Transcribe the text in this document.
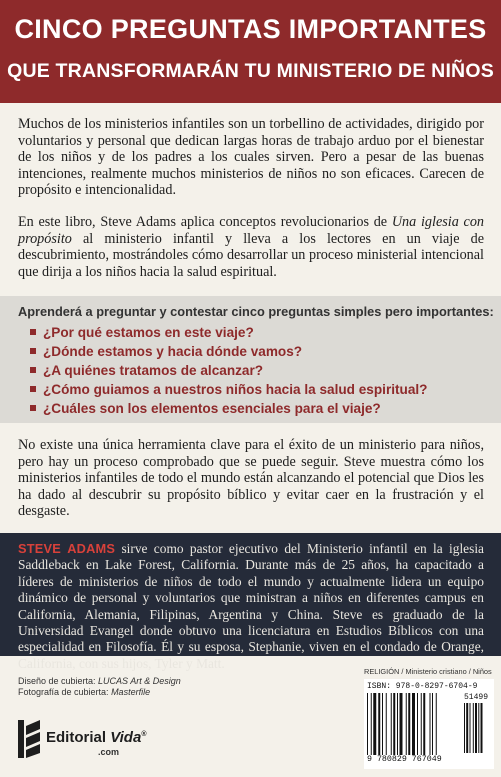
CINCO PREGUNTAS IMPORTANTES
QUE TRANSFORMARÁN TU MINISTERIO DE NIÑOS

Muchos de los ministerios infantiles son un torbellino de actividades, dirigido por voluntarios y personal que dedican largas horas de trabajo arduo por el bienestar de los niños y de los padres a los cuales sirven. Pero a pesar de las buenas intenciones, realmente muchos ministerios de niños no son eficaces. Carecen de propósito e intencionalidad.

En este libro, Steve Adams aplica conceptos revolucionarios de Una iglesia con propósito al ministerio infantil y lleva a los lectores en un viaje de descubrimiento, mostrándoles cómo desarrollar un proceso ministerial intencional que dirija a los niños hacia la salud espiritual.

Aprenderá a preguntar y contestar cinco preguntas simples pero importantes:
¿Por qué estamos en este viaje?
¿Dónde estamos y hacia dónde vamos?
¿A quiénes tratamos de alcanzar?
¿Cómo guiamos a nuestros niños hacia la salud espiritual?
¿Cuáles son los elementos esenciales para el viaje?

No existe una única herramienta clave para el éxito de un ministerio para niños, pero hay un proceso comprobado que se puede seguir. Steve muestra cómo los ministerios infantiles de todo el mundo están alcanzando el potencial que Dios les ha dado al descubrir su propósito bíblico y evitar caer en la frustración y el desgaste.

STEVE ADAMS sirve como pastor ejecutivo del Ministerio infantil en la iglesia Saddleback en Lake Forest, California. Durante más de 25 años, ha capacitado a líderes de ministerios de niños de todo el mundo y actualmente lidera un equipo dinámico de personal y voluntarios que ministran a niños en diferentes campus en California, Alemania, Filipinas, Argentina y China. Steve es graduado de la Universidad Evangel donde obtuvo una licenciatura en Estudios Bíblicos con una especialidad en Filosofía. Él y su esposa, Stephanie, viven en el condado de Orange, California, con sus hijos, Tyler y Matt.

Diseño de cubierta: LUCAS Art & Design
Fotografía de cubierta: Masterfile
Editorial Vida®
.com
RELIGIÓN / Ministerio cristiano / Niños
ISBN: 978-0-8297-6704-9
51499
9 780829 767049
